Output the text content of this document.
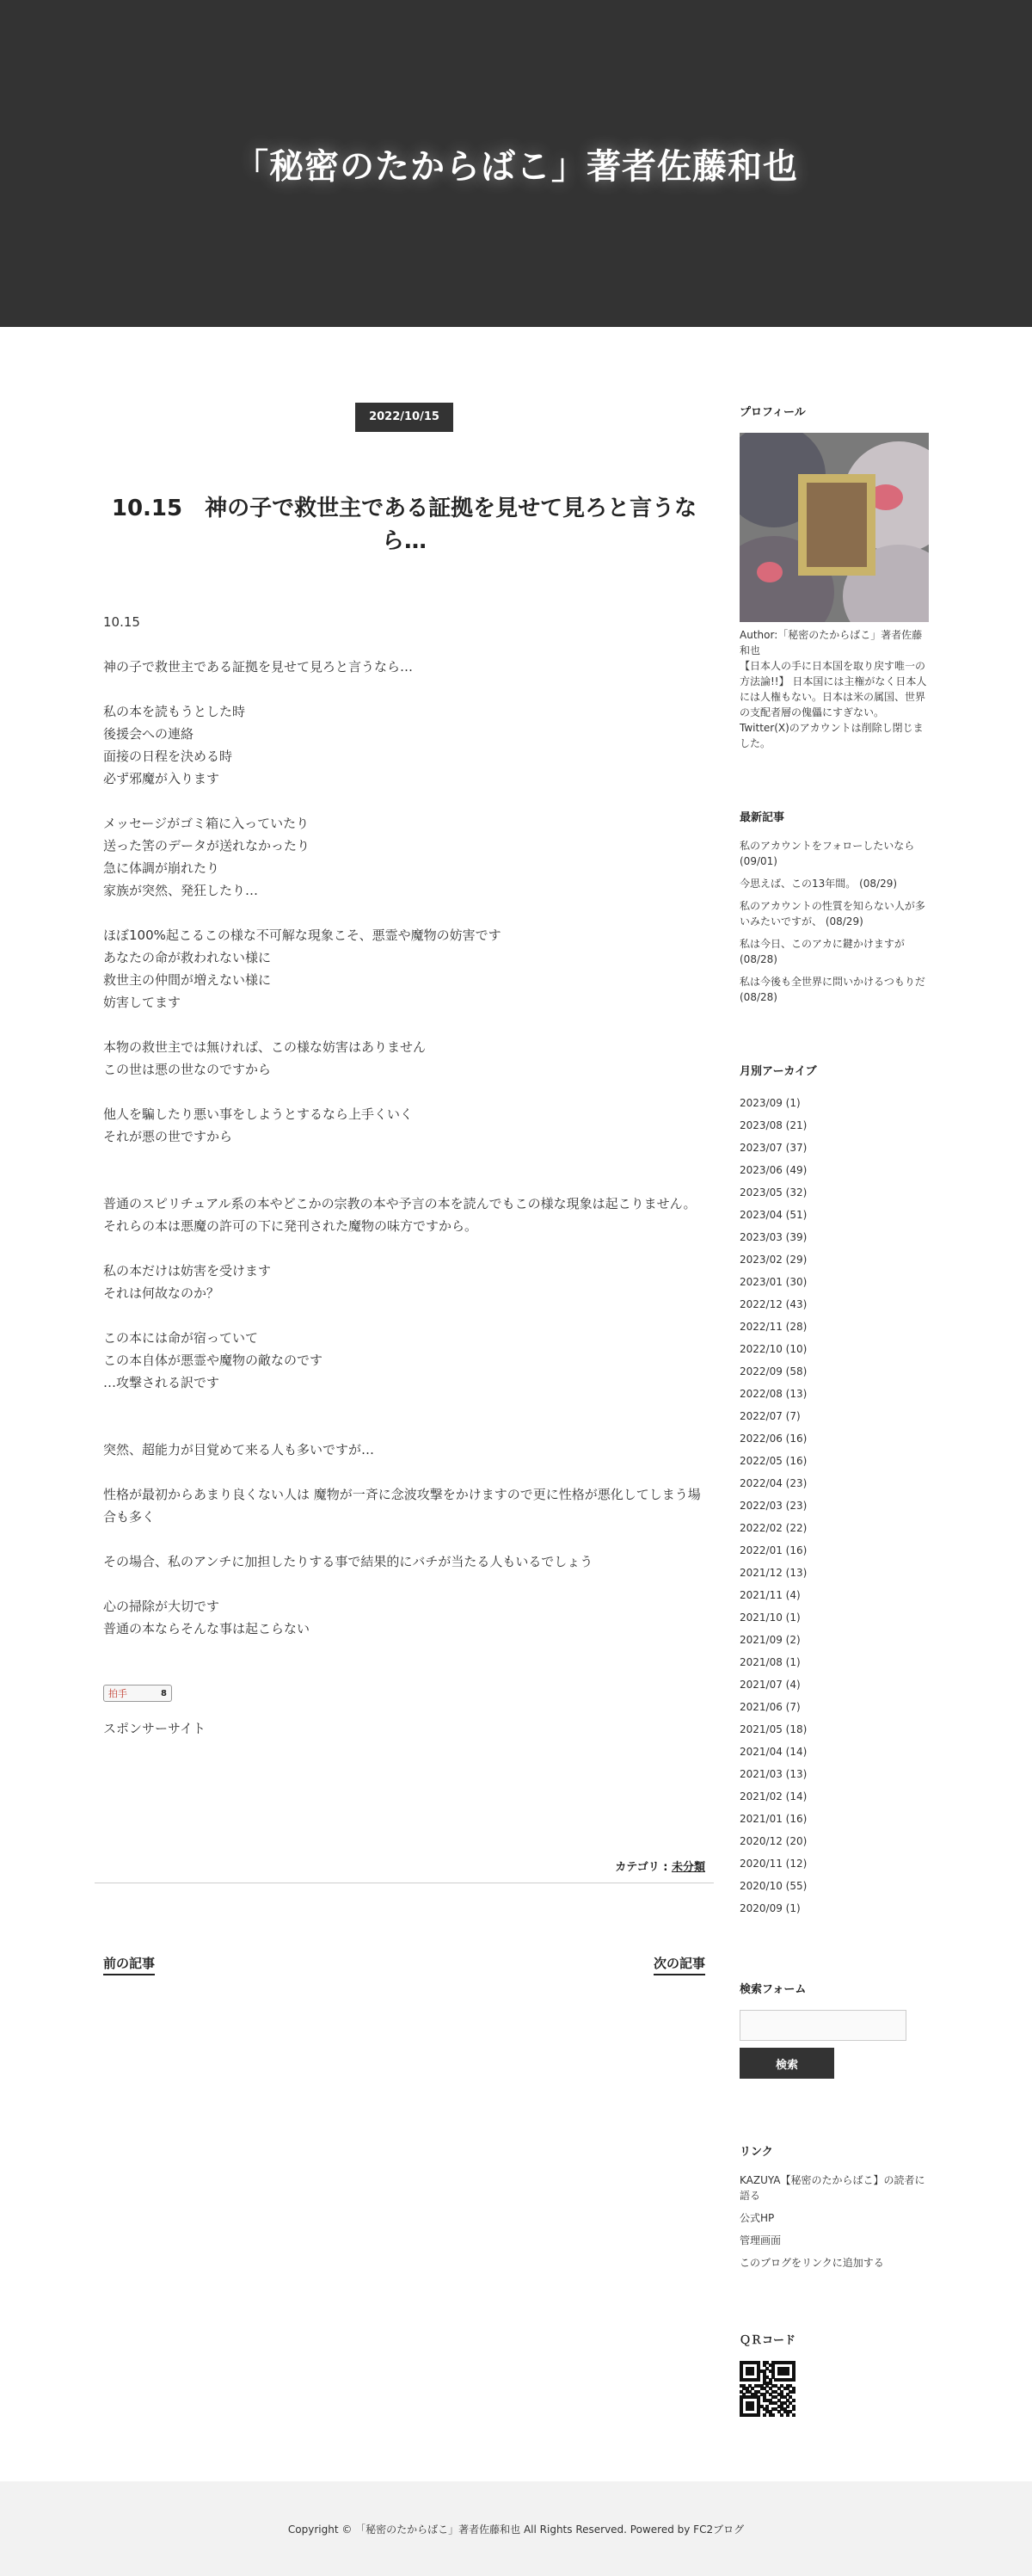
「秘密のたからばこ」著者佐藤和也
2022/10/15
10.15　神の子で救世主である証拠を見せて見ろと言うなら…

10.15

神の子で救世主である証拠を見せて見ろと言うなら…

私の本を読もうとした時
後援会への連絡
面接の日程を決める時
必ず邪魔が入ります

メッセージがゴミ箱に入っていたり
送った筈のデータが送れなかったり
急に体調が崩れたり
家族が突然、発狂したり…

ほぼ100%起こるこの様な不可解な現象こそ、悪霊や魔物の妨害です
あなたの命が救われない様に
救世主の仲間が増えない様に
妨害してます

本物の救世主では無ければ、この様な妨害はありません
この世は悪の世なのですから

他人を騙したり悪い事をしようとするなら上手くいく
それが悪の世ですから

普通のスピリチュアル系の本やどこかの宗教の本や予言の本を読んでもこの様な現象は起こりません。
それらの本は悪魔の許可の下に発刊された魔物の味方ですから。

私の本だけは妨害を受けます
それは何故なのか？

この本には命が宿っていて
この本自体が悪霊や魔物の敵なのです
…攻撃される訳です

突然、超能力が目覚めて来る人も多いですが…

性格が最初からあまり良くない人は 魔物が一斉に念波攻撃をかけますので更に性格が悪化してしまう場合も多く

その場合、私のアンチに加担したりする事で結果的にバチが当たる人もいるでしょう

心の掃除が大切です
普通の本ならそんな事は起こらない

拍手	8
スポンサーサイト
カテゴリ : 未分類
前の記事	次の記事
プロフィール
Author:「秘密のたからばこ」著者佐藤和也
【日本人の手に日本国を取り戻す唯一の方法論!!】 日本国には主権がなく日本人には人権もない。日本は米の属国、世界の支配者層の傀儡にすぎない。
Twitter(X)のアカウントは削除し閉じました。
最新記事
私のアカウントをフォローしたいなら (09/01)
今思えば、この13年間。 (08/29)
私のアカウントの性質を知らない人が多いみたいですが、 (08/29)
私は今日、このアカに鍵かけますが (08/28)
私は今後も全世界に問いかけるつもりだ (08/28)
月別アーカイブ
2023/09 (1)
2023/08 (21)
2023/07 (37)
2023/06 (49)
2023/05 (32)
2023/04 (51)
2023/03 (39)
2023/02 (29)
2023/01 (30)
2022/12 (43)
2022/11 (28)
2022/10 (10)
2022/09 (58)
2022/08 (13)
2022/07 (7)
2022/06 (16)
2022/05 (16)
2022/04 (23)
2022/03 (23)
2022/02 (22)
2022/01 (16)
2021/12 (13)
2021/11 (4)
2021/10 (1)
2021/09 (2)
2021/08 (1)
2021/07 (4)
2021/06 (7)
2021/05 (18)
2021/04 (14)
2021/03 (13)
2021/02 (14)
2021/01 (16)
2020/12 (20)
2020/11 (12)
2020/10 (55)
2020/09 (1)
検索フォーム
検索
リンク
KAZUYA【秘密のたからばこ】の読者に語る
公式HP
管理画面
このブログをリンクに追加する
ＱＲコード
Copyright © 「秘密のたからばこ」著者佐藤和也 All Rights Reserved. Powered by FC2ブログ
